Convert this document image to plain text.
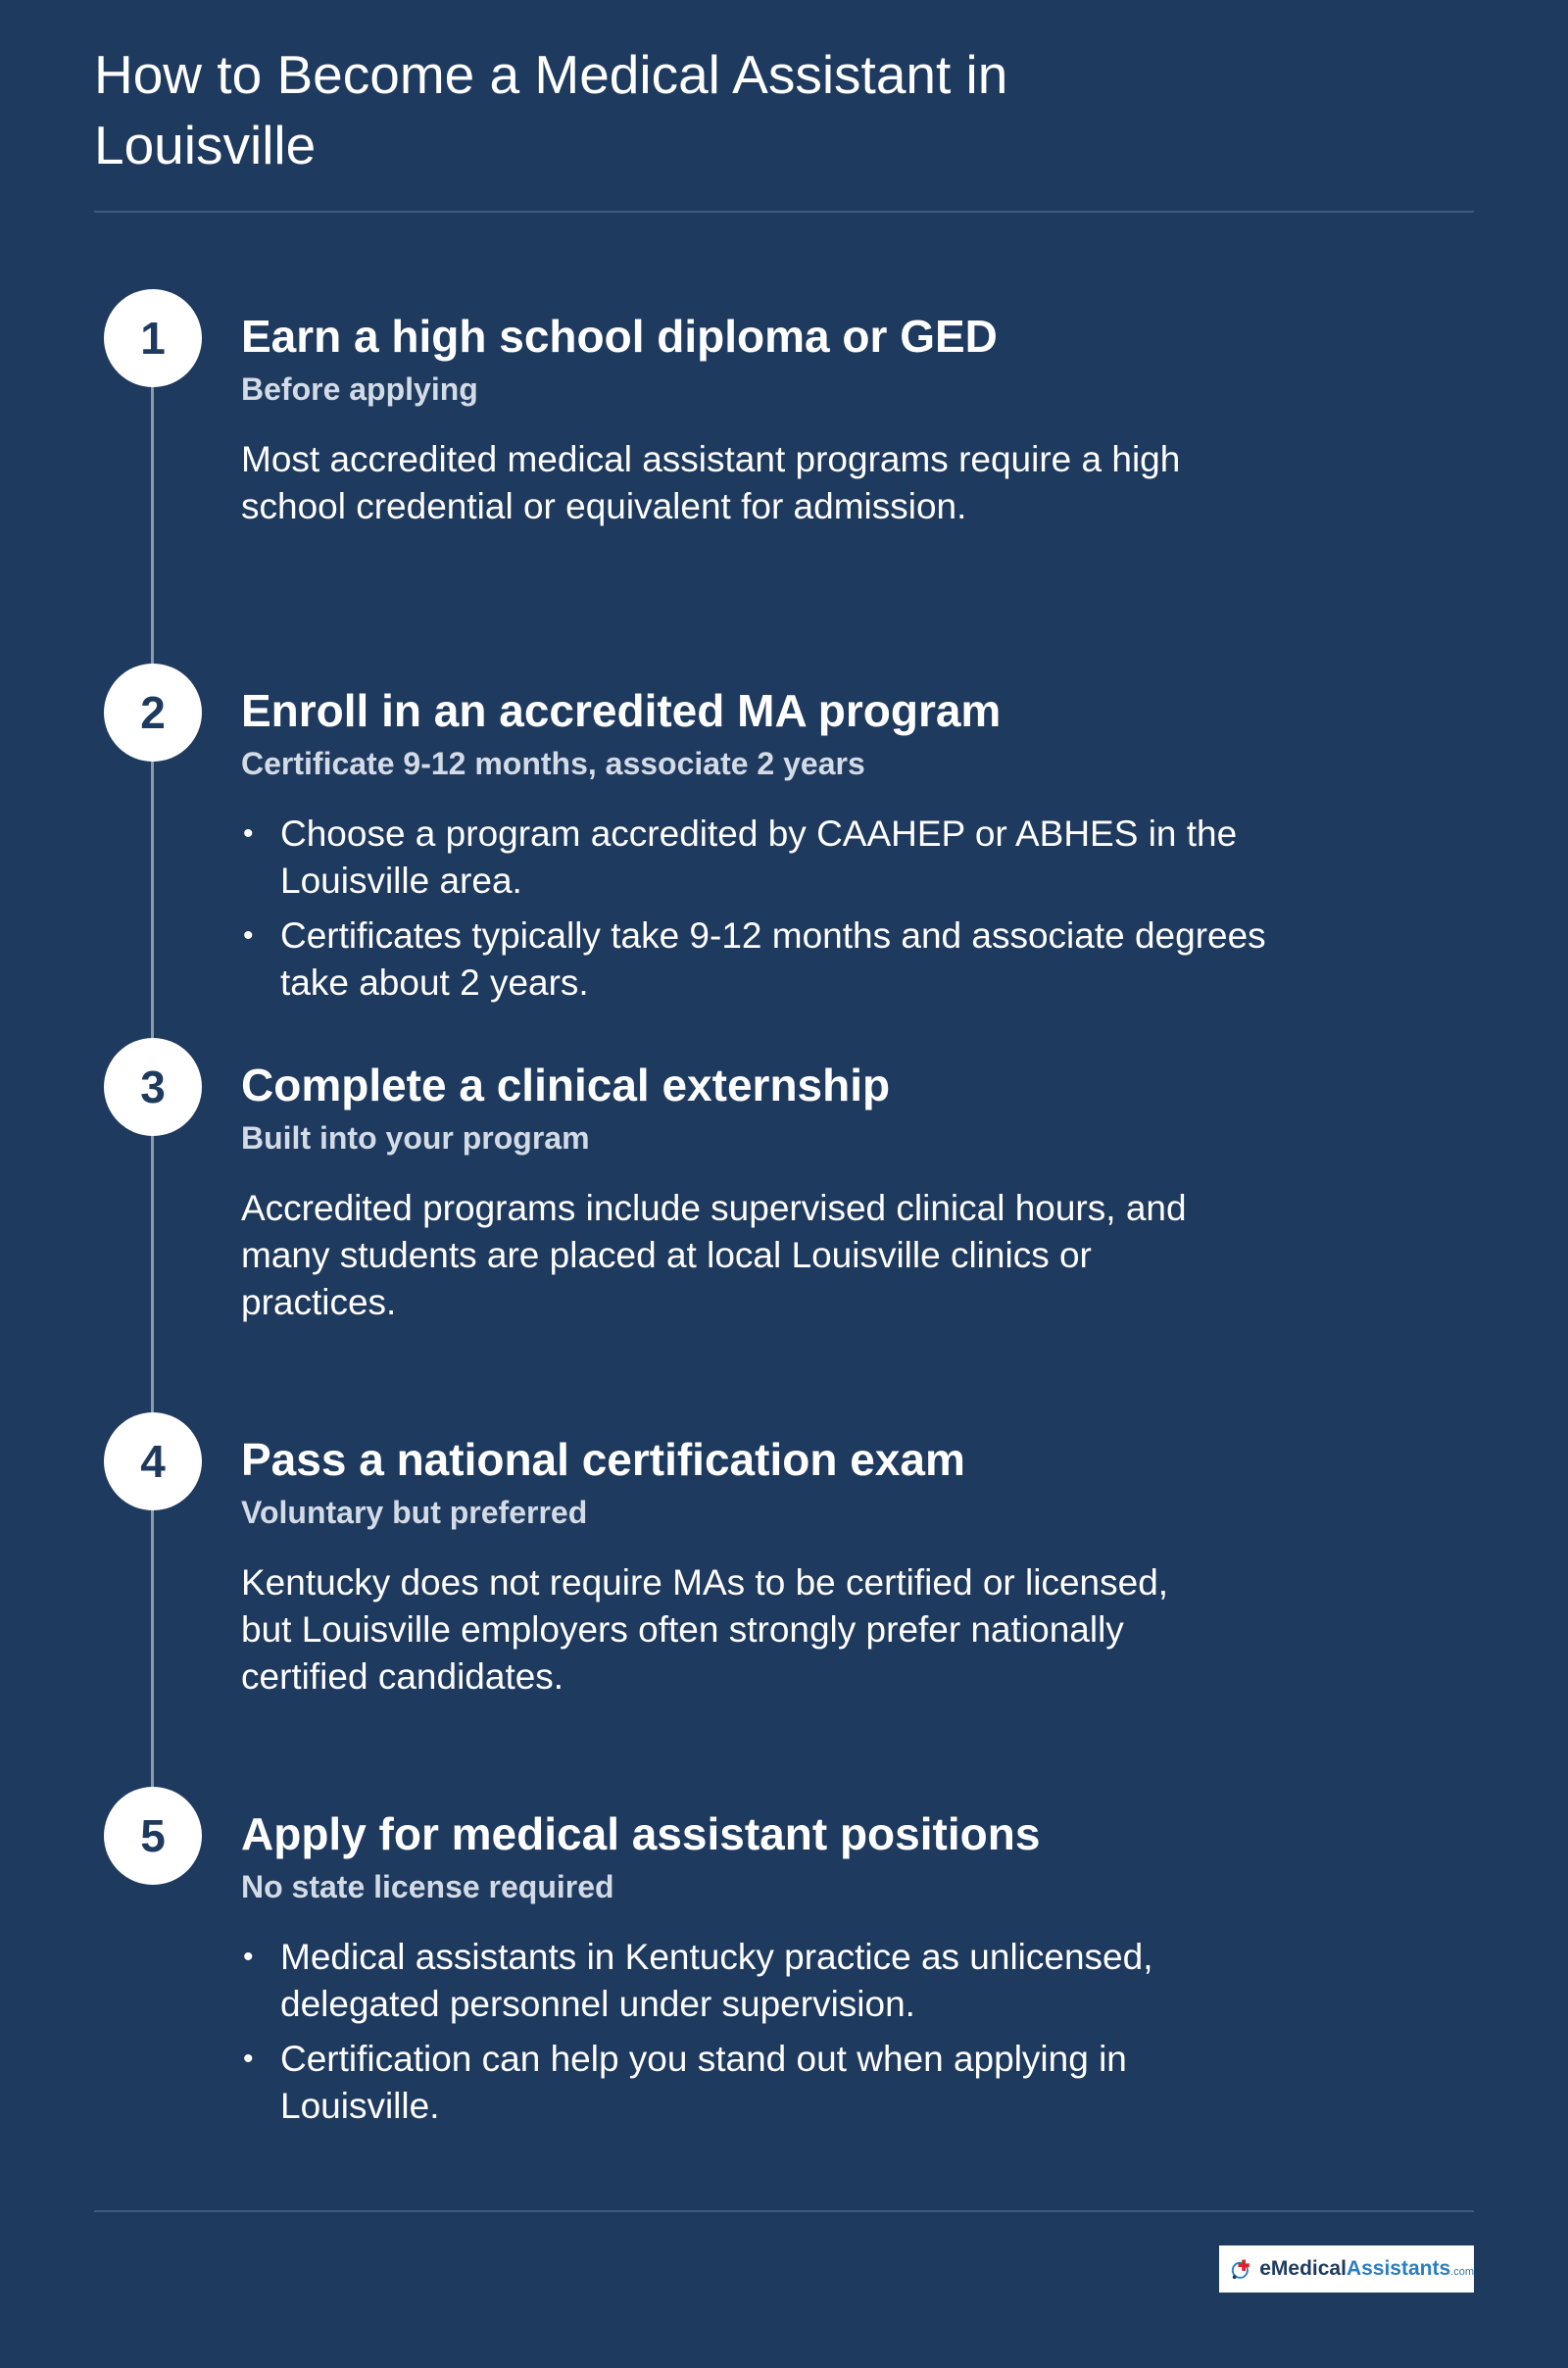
How to Become a Medical Assistant in Louisville
1	Earn a high school diploma or GED
Before applying

Most accredited medical assistant programs require a high school credential or equivalent for admission.

2	Enroll in an accredited MA program
Certificate 9-12 months, associate 2 years
• Choose a program accredited by CAAHEP or ABHES in the Louisville area.
• Certificates typically take 9-12 months and associate degrees take about 2 years.
3	Complete a clinical externship
Built into your program

Accredited programs include supervised clinical hours, and many students are placed at local Louisville clinics or practices.

4	Pass a national certification exam
Voluntary but preferred

Kentucky does not require MAs to be certified or licensed, but Louisville employers often strongly prefer nationally certified candidates.

5	Apply for medical assistant positions
No state license required
• Medical assistants in Kentucky practice as unlicensed, delegated personnel under supervision.
• Certification can help you stand out when applying in Louisville.
eMedicalAssistants.com
